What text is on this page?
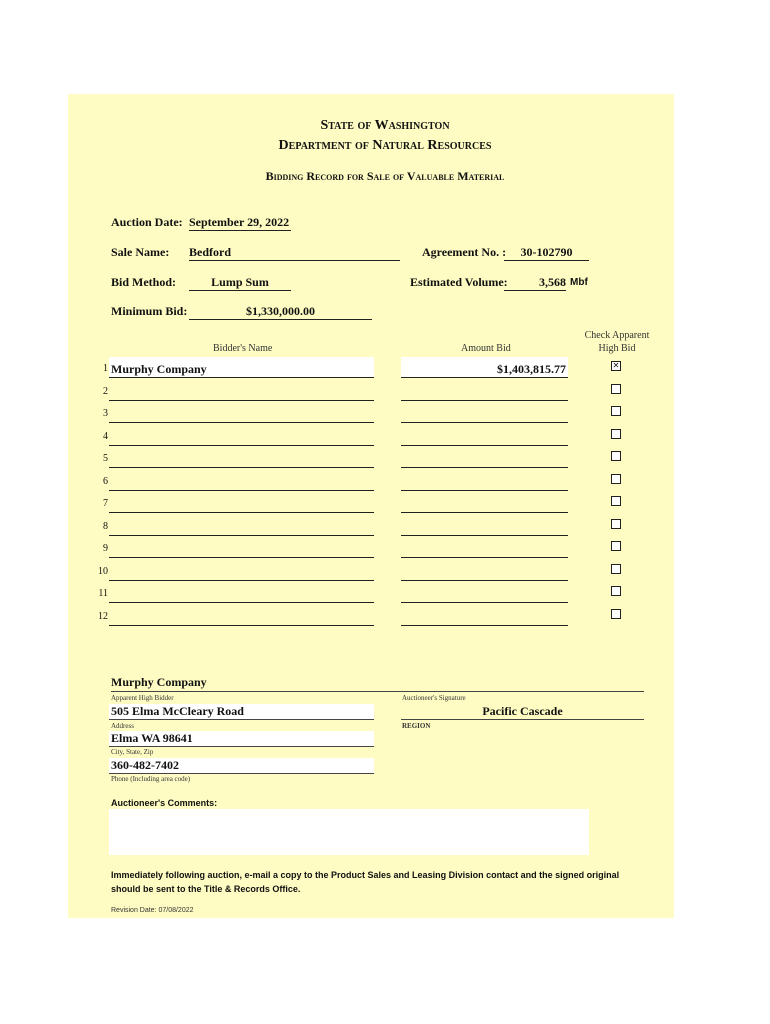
State of Washington
Department of Natural Resources
Bidding Record for Sale of Valuable Material
Auction Date: September 29, 2022
Sale Name: Bedford	Agreement No. :	30-102790
Bid Method:	Lump Sum	Estimated Volume:	3,568 Mbf
Minimum Bid:	$1,330,000.00
Bidder's Name	Amount Bid
Check Apparent
High Bid
1 Murphy Company	$1,403,815.77	✕
2
3
4
5
6
7
8
9
10
11
12
Murphy Company
Apparent High Bidder	Auctioneer's Signature
505 Elma McCleary Road	Pacific Cascade
Address	REGION
Elma WA 98641
City, State, Zip
360-482-7402
Phone (Including area code)
Auctioneer's Comments:
Immediately following auction, e-mail a copy to the Product Sales and Leasing Division contact and the signed original should be sent to the Title & Records Office.
Revision Date: 07/08/2022
